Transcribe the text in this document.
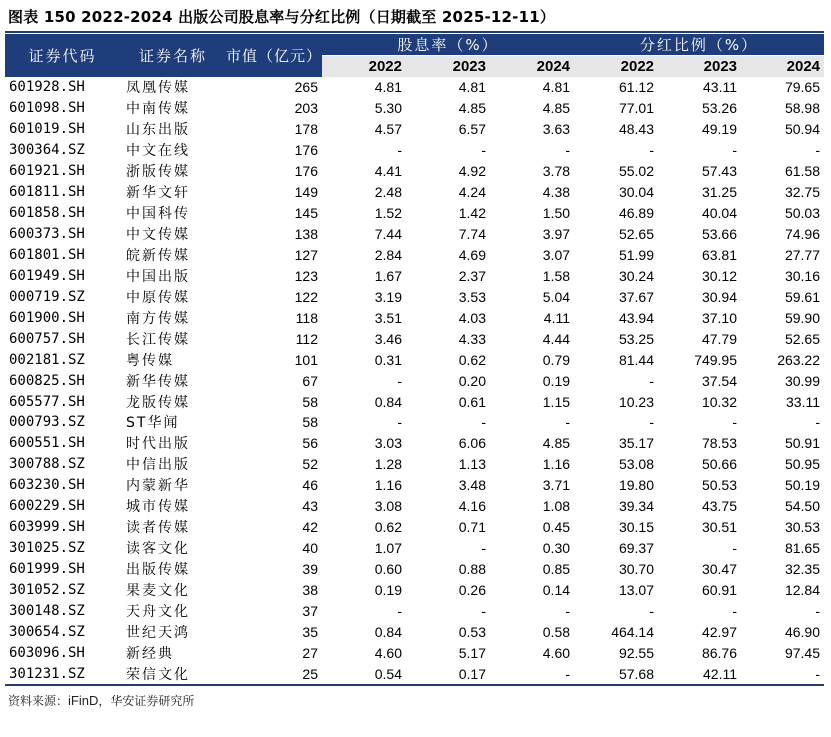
图表 150 2022-2024 出版公司股息率与分红比例（日期截至 2025-12-11）
证券代码	证券名称	市值（亿元）	股息率（%）			分红比例（%）		
			2022	2023	2024	2022	2023	2024
601928.SH	凤凰传媒	265	4.81	4.81	4.81	61.12	43.11	79.65
601098.SH	中南传媒	203	5.30	4.85	4.85	77.01	53.26	58.98
601019.SH	山东出版	178	4.57	6.57	3.63	48.43	49.19	50.94
300364.SZ	中文在线	176	-	-	-	-	-	-
601921.SH	浙版传媒	176	4.41	4.92	3.78	55.02	57.43	61.58
601811.SH	新华文轩	149	2.48	4.24	4.38	30.04	31.25	32.75
601858.SH	中国科传	145	1.52	1.42	1.50	46.89	40.04	50.03
600373.SH	中文传媒	138	7.44	7.74	3.97	52.65	53.66	74.96
601801.SH	皖新传媒	127	2.84	4.69	3.07	51.99	63.81	27.77
601949.SH	中国出版	123	1.67	2.37	1.58	30.24	30.12	30.16
000719.SZ	中原传媒	122	3.19	3.53	5.04	37.67	30.94	59.61
601900.SH	南方传媒	118	3.51	4.03	4.11	43.94	37.10	59.90
600757.SH	长江传媒	112	3.46	4.33	4.44	53.25	47.79	52.65
002181.SZ	粤传媒	101	0.31	0.62	0.79	81.44	749.95	263.22
600825.SH	新华传媒	67	-	0.20	0.19	-	37.54	30.99
605577.SH	龙版传媒	58	0.84	0.61	1.15	10.23	10.32	33.11
000793.SZ	ST华闻	58	-	-	-	-	-	-
600551.SH	时代出版	56	3.03	6.06	4.85	35.17	78.53	50.91
300788.SZ	中信出版	52	1.28	1.13	1.16	53.08	50.66	50.95
603230.SH	内蒙新华	46	1.16	3.48	3.71	19.80	50.53	50.19
600229.SH	城市传媒	43	3.08	4.16	1.08	39.34	43.75	54.50
603999.SH	读者传媒	42	0.62	0.71	0.45	30.15	30.51	30.53
301025.SZ	读客文化	40	1.07	-	0.30	69.37	-	81.65
601999.SH	出版传媒	39	0.60	0.88	0.85	30.70	30.47	32.35
301052.SZ	果麦文化	38	0.19	0.26	0.14	13.07	60.91	12.84
300148.SZ	天舟文化	37	-	-	-	-	-	-
300654.SZ	世纪天鸿	35	0.84	0.53	0.58	464.14	42.97	46.90
603096.SH	新经典	27	4.60	5.17	4.60	92.55	86.76	97.45
301231.SZ	荣信文化	25	0.54	0.17	-	57.68	42.11	-
资料来源：iFinD，华安证券研究所
